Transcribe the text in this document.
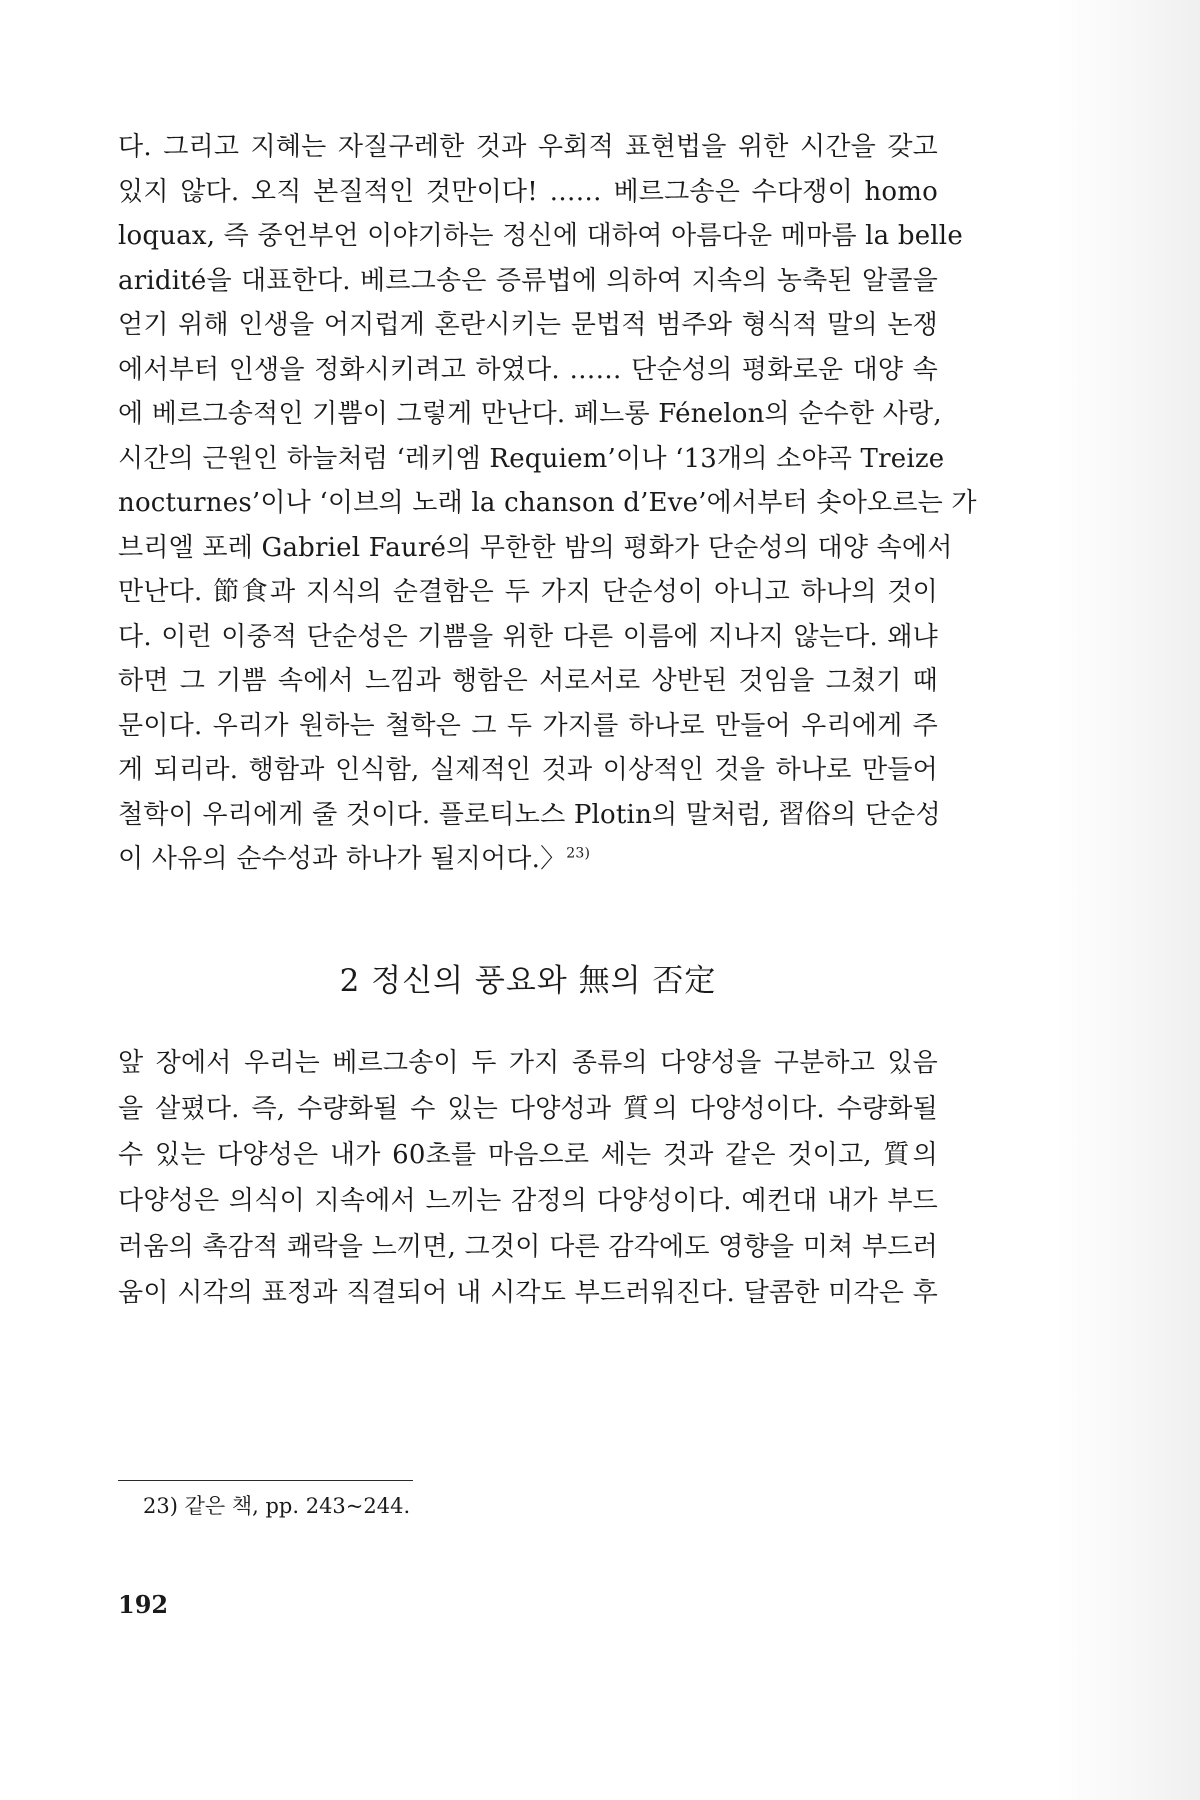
다. 그리고 지혜는 자질구레한 것과 우회적 표현법을 위한 시간을 갖고
있지 않다. 오직 본질적인 것만이다! …… 베르그송은 수다쟁이 homo
loquax, 즉 중언부언 이야기하는 정신에 대하여 아름다운 메마름 la belle
aridité을 대표한다. 베르그송은 증류법에 의하여 지속의 농축된 알콜을
얻기 위해 인생을 어지럽게 혼란시키는 문법적 범주와 형식적 말의 논쟁
에서부터 인생을 정화시키려고 하였다. …… 단순성의 평화로운 대양 속
에 베르그송적인 기쁨이 그렇게 만난다. 페느롱 Fénelon의 순수한 사랑,
시간의 근원인 하늘처럼 ‘레키엠 Requiem’이나 ‘13개의 소야곡 Treize
nocturnes’이나 ‘이브의 노래 la chanson d’Eve’에서부터 솟아오르는 가
브리엘 포레 Gabriel Fauré의 무한한 밤의 평화가 단순성의 대양 속에서
만난다. 節食과 지식의 순결함은 두 가지 단순성이 아니고 하나의 것이
다. 이런 이중적 단순성은 기쁨을 위한 다른 이름에 지나지 않는다. 왜냐
하면 그 기쁨 속에서 느낌과 행함은 서로서로 상반된 것임을 그쳤기 때
문이다. 우리가 원하는 철학은 그 두 가지를 하나로 만들어 우리에게 주
게 되리라. 행함과 인식함, 실제적인 것과 이상적인 것을 하나로 만들어
철학이 우리에게 줄 것이다. 플로티노스 Plotin의 말처럼, 習俗의 단순성
이 사유의 순수성과 하나가 될지어다.〉$^{23)}$
2 정신의 풍요와 無의 否定
앞 장에서 우리는 베르그송이 두 가지 종류의 다양성을 구분하고 있음
을 살폈다. 즉, 수량화될 수 있는 다양성과 質의 다양성이다. 수량화될
수 있는 다양성은 내가 60초를 마음으로 세는 것과 같은 것이고, 質의
다양성은 의식이 지속에서 느끼는 감정의 다양성이다. 예컨대 내가 부드
러움의 촉감적 쾌락을 느끼면, 그것이 다른 감각에도 영향을 미쳐 부드러
움이 시각의 표정과 직결되어 내 시각도 부드러워진다. 달콤한 미각은 후
23) 같은 책, pp. 243~244.
192
